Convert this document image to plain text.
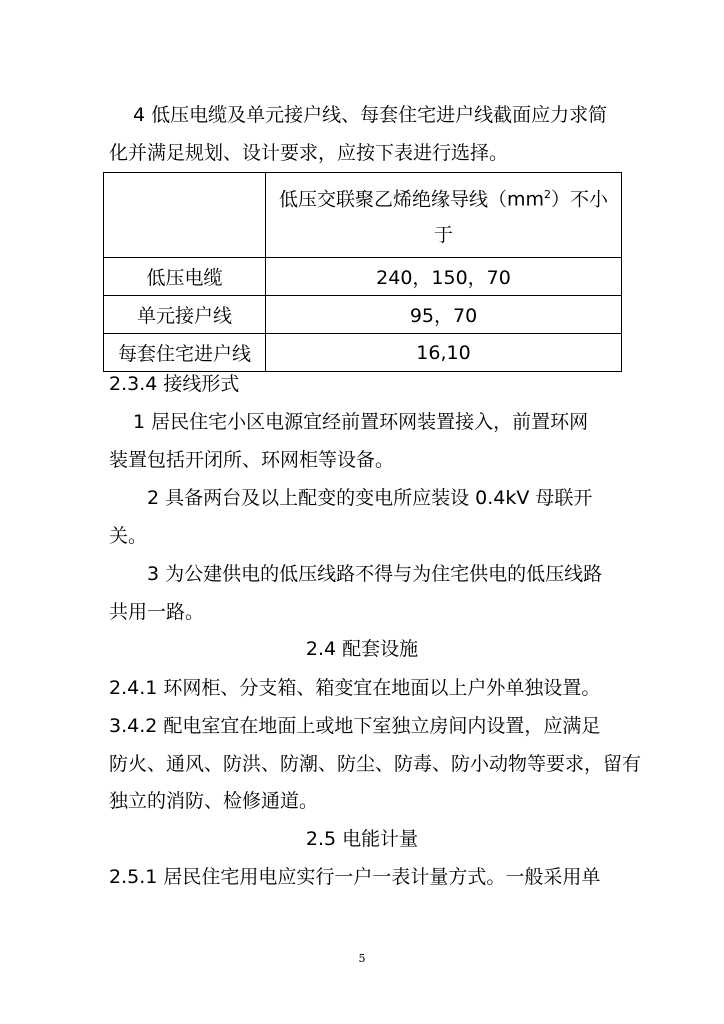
4 低压电缆及单元接户线、每套住宅进户线截面应力求简
化并满足规划、设计要求，应按下表进行选择。

	低压交联聚乙烯绝缘导线$(mm^2)$不小于

低压电缆	240，150，70
单元接户线	95，70
每套住宅进户线	16,10
2.3.4 接线形式
1 居民住宅小区电源宜经前置环网装置接入，前置环网
装置包括开闭所、环网柜等设备。
2 具备两台及以上配变的变电所应装设 0.4kV 母联开
关。
3 为公建供电的低压线路不得与为住宅供电的低压线路
共用一路。
2.4 配套设施
2.4.1 环网柜、分支箱、箱变宜在地面以上户外单独设置。
3.4.2 配电室宜在地面上或地下室独立房间内设置，应满足
防火、通风、防洪、防潮、防尘、防毒、防小动物等要求，留有
独立的消防、检修通道。
2.5 电能计量
2.5.1 居民住宅用电应实行一户一表计量方式。一般采用单
5
